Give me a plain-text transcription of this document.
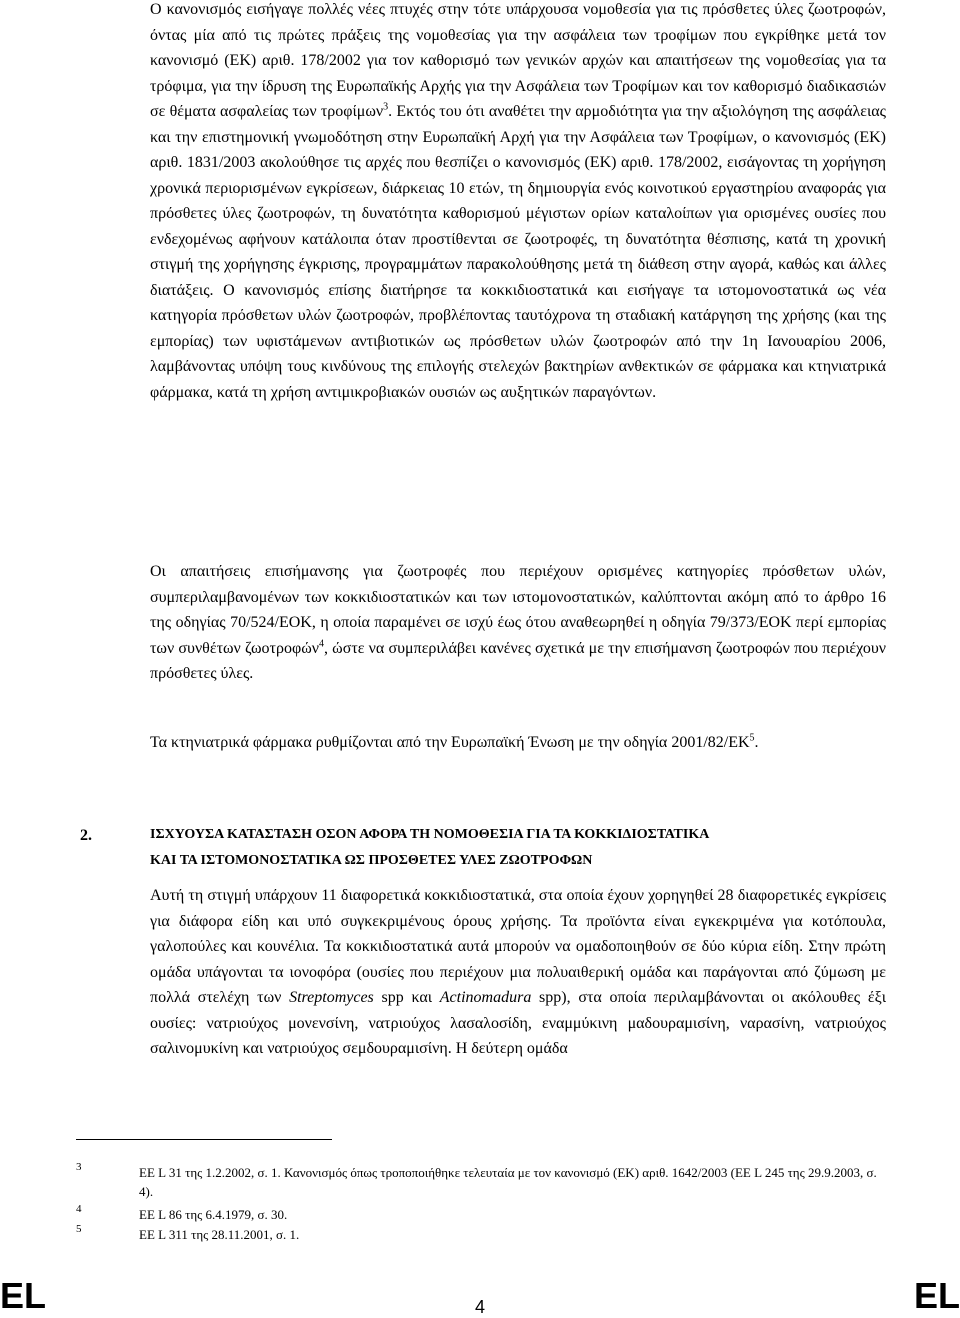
Ο κανονισμός εισήγαγε πολλές νέες πτυχές στην τότε υπάρχουσα νομοθεσία για τις πρόσθετες ύλες ζωοτροφών, όντας μία από τις πρώτες πράξεις της νομοθεσίας για την ασφάλεια των τροφίμων που εγκρίθηκε μετά τον κανονισμό (ΕΚ) αριθ. 178/2002 για τον καθορισμό των γενικών αρχών και απαιτήσεων της νομοθεσίας για τα τρόφιμα, για την ίδρυση της Ευρωπαϊκής Αρχής για την Ασφάλεια των Τροφίμων και τον καθορισμό διαδικασιών σε θέματα ασφαλείας των τροφίμων$^3$. Εκτός του ότι αναθέτει την αρμοδιότητα για την αξιολόγηση της ασφάλειας και την επιστημονική γνωμοδότηση στην Ευρωπαϊκή Αρχή για την Ασφάλεια των Τροφίμων, ο κανονισμός (ΕΚ) αριθ. 1831/2003 ακολούθησε τις αρχές που θεσπίζει ο κανονισμός (ΕΚ) αριθ. 178/2002, εισάγοντας τη χορήγηση χρονικά περιορισμένων εγκρίσεων, διάρκειας 10 ετών, τη δημιουργία ενός κοινοτικού εργαστηρίου αναφοράς για πρόσθετες ύλες ζωοτροφών, τη δυνατότητα καθορισμού μέγιστων ορίων καταλοίπων για ορισμένες ουσίες που ενδεχομένως αφήνουν κατάλοιπα όταν προστίθενται σε ζωοτροφές, τη δυνατότητα θέσπισης, κατά τη χρονική στιγμή της χορήγησης έγκρισης, προγραμμάτων παρακολούθησης μετά τη διάθεση στην αγορά, καθώς και άλλες διατάξεις. Ο κανονισμός επίσης διατήρησε τα κοκκιδιοστατικά και εισήγαγε τα ιστομονοστατικά ως νέα κατηγορία πρόσθετων υλών ζωοτροφών, προβλέποντας ταυτόχρονα τη σταδιακή κατάργηση της χρήσης (και της εμπορίας) των υφιστάμενων αντιβιοτικών ως πρόσθετων υλών ζωοτροφών από την 1η Ιανουαρίου 2006, λαμβάνοντας υπόψη τους κινδύνους της επιλογής στελεχών βακτηρίων ανθεκτικών σε φάρμακα και κτηνιατρικά φάρμακα, κατά τη χρήση αντιμικροβιακών ουσιών ως αυξητικών παραγόντων.

Οι απαιτήσεις επισήμανσης για ζωοτροφές που περιέχουν ορισμένες κατηγορίες πρόσθετων υλών, συμπεριλαμβανομένων των κοκκιδιοστατικών και των ιστομονοστατικών, καλύπτονται ακόμη από το άρθρο 16 της οδηγίας 70/524/ΕΟΚ, η οποία παραμένει σε ισχύ έως ότου αναθεωρηθεί η οδηγία 79/373/ΕΟΚ περί εμπορίας των συνθέτων ζωοτροφών$^4$, ώστε να συμπεριλάβει κανένες σχετικά με την επισήμανση ζωοτροφών που περιέχουν πρόσθετες ύλες.

Τα κτηνιατρικά φάρμακα ρυθμίζονται από την Ευρωπαϊκή Ένωση με την οδηγία $2001/82/EK^5$.

2.	ΙΣΧΥΟΥΣΑ ΚΑΤΑΣΤΑΣΗ ΟΣΟΝ ΑΦΟΡΑ ΤΗ ΝΟΜΟΘΕΣΙΑ ΓΙΑ ΤΑ ΚΟΚΚΙΔΙΟΣΤΑΤΙΚΑ
ΚΑΙ ΤΑ ΙΣΤΟΜΟΝΟΣΤΑΤΙΚΑ ΩΣ ΠΡΟΣΘΕΤΕΣ ΥΛΕΣ ΖΩΟΤΡΟΦΩΝ

Αυτή τη στιγμή υπάρχουν 11 διαφορετικά κοκκιδιοστατικά, στα οποία έχουν χορηγηθεί 28 διαφορετικές εγκρίσεις για διάφορα είδη και υπό συγκεκριμένους όρους χρήσης. Τα προϊόντα είναι εγκεκριμένα για κοτόπουλα, γαλοπούλες και κουνέλια. Τα κοκκιδιοστατικά αυτά μπορούν να ομαδοποιηθούν σε δύο κύρια είδη. Στην πρώτη ομάδα υπάγονται τα ιονοφόρα (ουσίες που περιέχουν μια πολυαιθερική ομάδα και παράγονται από ζύμωση με πολλά στελέχη των Streptomyces spp και Actinomadura spp), στα οποία περιλαμβάνονται οι ακόλουθες έξι ουσίες: νατριούχος μονενσίνη, νατριούχος λασαλοσίδη, εναμμύκινη μαδουραμισίνη, ναρασίνη, νατριούχος σαλινομυκίνη και νατριούχος σεμδουραμισίνη. Η δεύτερη ομάδα

3	ΕΕ L 31 της 1.2.2002, σ. 1. Κανονισμός όπως τροποποιήθηκε τελευταία με τον κανονισμό (ΕΚ) αριθ. 1642/2003 (ΕΕ L 245 της 29.9.2003, σ. 4).
4	ΕΕ L 86 της 6.4.1979, σ. 30.
5	ΕΕ L 311 της 28.11.2001, σ. 1.
EL	4	EL
